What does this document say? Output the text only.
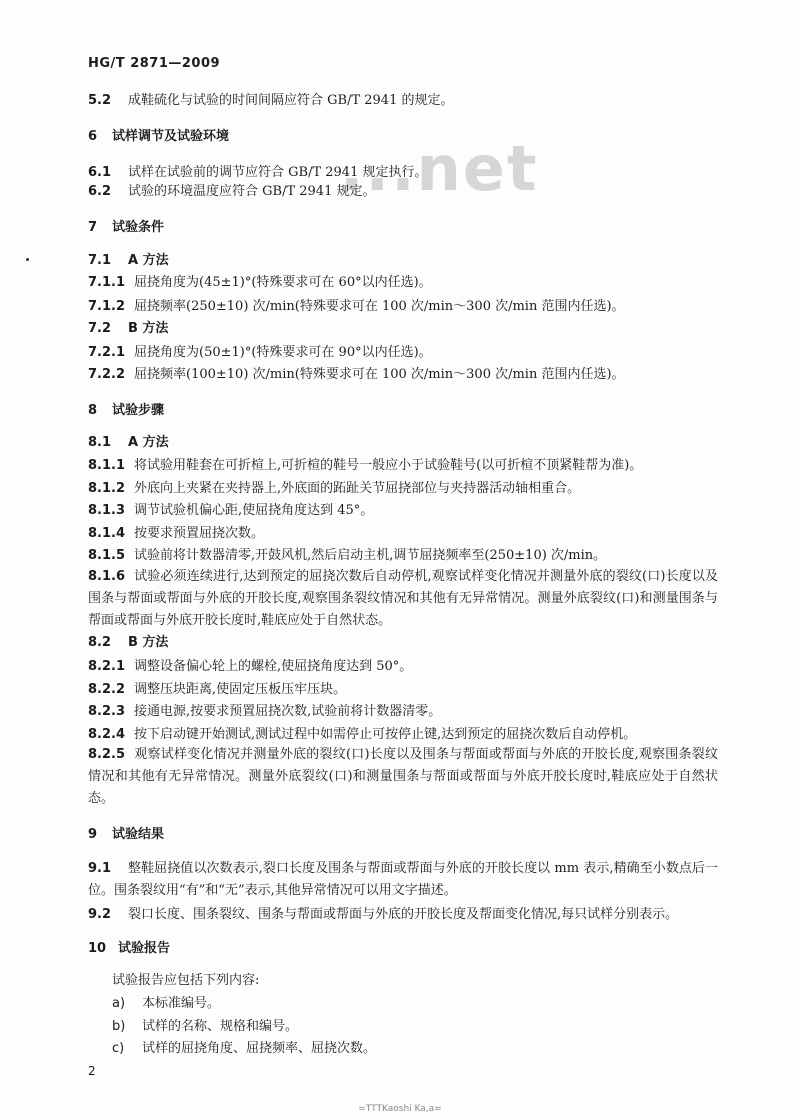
HG/T 2871—2009
...net
5.2 成鞋硫化与试验的时间间隔应符合 GB/T 2941 的规定。
6 试样调节及试验环境
6.1 试样在试验前的调节应符合 GB/T 2941 规定执行。
6.2 试验的环境温度应符合 GB/T 2941 规定。
7 试验条件
7.1 A 方法
7.1.1 屈挠角度为(45±1)°(特殊要求可在 60°以内任选)。
7.1.2 屈挠频率(250±10) 次/min(特殊要求可在 100 次/min～300 次/min 范围内任选)。
7.2 B 方法
7.2.1 屈挠角度为(50±1)°(特殊要求可在 90°以内任选)。
7.2.2 屈挠频率(100±10) 次/min(特殊要求可在 100 次/min～300 次/min 范围内任选)。
8 试验步骤
8.1 A 方法
8.1.1 将试验用鞋套在可折楦上,可折楦的鞋号一般应小于试验鞋号(以可折楦不顶紧鞋帮为准)。
8.1.2 外底向上夹紧在夹持器上,外底面的跖趾关节屈挠部位与夹持器活动轴相重合。
8.1.3 调节试验机偏心距,使屈挠角度达到 45°。
8.1.4 按要求预置屈挠次数。
8.1.5 试验前将计数器清零,开鼓风机,然后启动主机,调节屈挠频率至(250±10) 次/min。
8.1.6 试验必须连续进行,达到预定的屈挠次数后自动停机,观察试样变化情况并测量外底的裂纹(口)长度以及围条与帮面或帮面与外底的开胶长度,观察围条裂纹情况和其他有无异常情况。测量外底裂纹(口)和测量围条与帮面或帮面与外底开胶长度时,鞋底应处于自然状态。
8.2 B 方法
8.2.1 调整设备偏心轮上的螺栓,使屈挠角度达到 50°。
8.2.2 调整压块距离,使固定压板压牢压块。
8.2.3 接通电源,按要求预置屈挠次数,试验前将计数器清零。
8.2.4 按下启动键开始测试,测试过程中如需停止可按停止键,达到预定的屈挠次数后自动停机。
8.2.5 观察试样变化情况并测量外底的裂纹(口)长度以及围条与帮面或帮面与外底的开胶长度,观察围条裂纹情况和其他有无异常情况。测量外底裂纹(口)和测量围条与帮面或帮面与外底开胶长度时,鞋底应处于自然状态。
9 试验结果
9.1 整鞋屈挠值以次数表示,裂口长度及围条与帮面或帮面与外底的开胶长度以 mm 表示,精确至小数点后一位。围条裂纹用“有”和“无”表示,其他异常情况可以用文字描述。
9.2 裂口长度、围条裂纹、围条与帮面或帮面与外底的开胶长度及帮面变化情况,每只试样分别表示。
10 试验报告
试验报告应包括下列内容:
a) 本标准编号。
b) 试样的名称、规格和编号。
c) 试样的屈挠角度、屈挠频率、屈挠次数。
2
=TTTKaoshi Ka,a=
